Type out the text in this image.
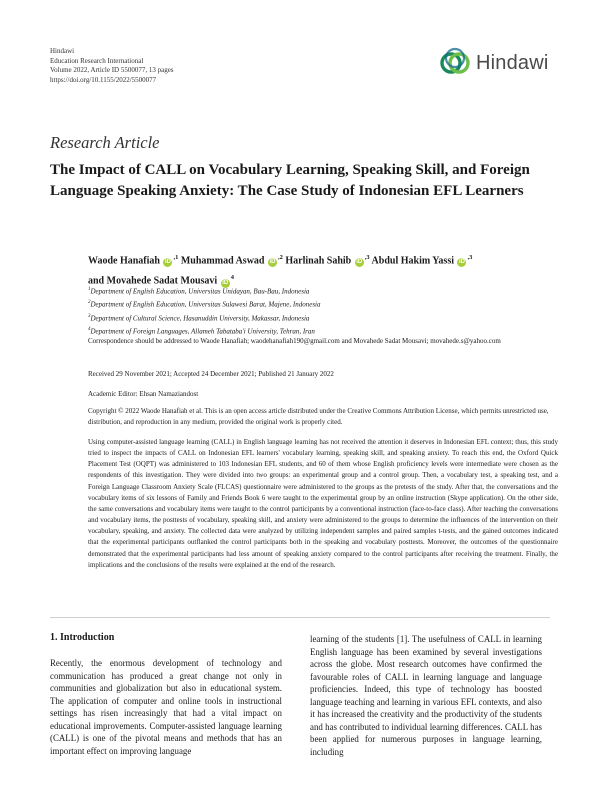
Hindawi
Education Research International
Volume 2022, Article ID 5500077, 13 pages
https://doi.org/10.1155/2022/5500077
Hindawi
Research Article
The Impact of CALL on Vocabulary Learning, Speaking Skill, and Foreign Language Speaking Anxiety: The Case Study of Indonesian EFL Learners
Waode Hanafiah $iD^{,1}$ Muhammad Aswad $iD^{,2}$ Harlinah Sahib $iD^{,3}$ Abdul Hakim Yassi $iD^{,3}$
and Movahede Sadat Mousavi $iD^4$
$^1$Department of English Education, Universitas Unidayan, Bau-Bau, Indonesia
$^2$Department of English Education, Universitas Sulawesi Barat, Majene, Indonesia
$^3$Department of Cultural Science, Hasanuddin University, Makassar, Indonesia
$^4$Department of Foreign Languages, Allameh Tabataba'i University, Tehran, Iran
Correspondence should be addressed to Waode Hanafiah; waodehanafiah190@gmail.com and Movahede Sadat Mousavi; movahede.s@yahoo.com
Received 29 November 2021; Accepted 24 December 2021; Published 21 January 2022
Academic Editor: Ehsan Namaziandost
Copyright © 2022 Waode Hanafiah et al. This is an open access article distributed under the Creative Commons Attribution License, which permits unrestricted use, distribution, and reproduction in any medium, provided the original work is properly cited.
Using computer-assisted language learning (CALL) in English language learning has not received the attention it deserves in Indonesian EFL context; thus, this study tried to inspect the impacts of CALL on Indonesian EFL learners' vocabulary learning, speaking skill, and speaking anxiety. To reach this end, the Oxford Quick Placement Test (OQPT) was administered to 103 Indonesian EFL students, and 60 of them whose English proficiency levels were intermediate were chosen as the respondents of this investigation. They were divided into two groups: an experimental group and a control group. Then, a vocabulary test, a speaking test, and a Foreign Language Classroom Anxiety Scale (FLCAS) questionnaire were administered to the groups as the pretests of the study. After that, the conversations and the vocabulary items of six lessons of Family and Friends Book 6 were taught to the experimental group by an online instruction (Skype application). On the other side, the same conversations and vocabulary items were taught to the control participants by a conventional instruction (face-to-face class). After teaching the conversations and vocabulary items, the posttests of vocabulary, speaking skill, and anxiety were administered to the groups to determine the influences of the intervention on their vocabulary, speaking, and anxiety. The collected data were analyzed by utilizing independent samples and paired samples t-tests, and the gained outcomes indicated that the experimental participants outflanked the control participants both in the speaking and vocabulary posttests. Moreover, the outcomes of the questionnaire demonstrated that the experimental participants had less amount of speaking anxiety compared to the control participants after receiving the treatment. Finally, the implications and the conclusions of the results were explained at the end of the research.
1. Introduction
Recently, the enormous development of technology and communication has produced a great change not only in communities and globalization but also in educational system. The application of computer and online tools in instructional settings has risen increasingly that had a vital impact on educational improvements. Computer-assisted language learning (CALL) is one of the pivotal means and methods that has an important effect on improving language
learning of the students [1]. The usefulness of CALL in learning English language has been examined by several investigations across the globe. Most research outcomes have confirmed the favourable roles of CALL in learning language and language proficiencies. Indeed, this type of technology has boosted language teaching and learning in various EFL contexts, and also it has increased the creativity and the productivity of the students and has contributed to individual learning differences. CALL has been applied for numerous purposes in language learning, including
